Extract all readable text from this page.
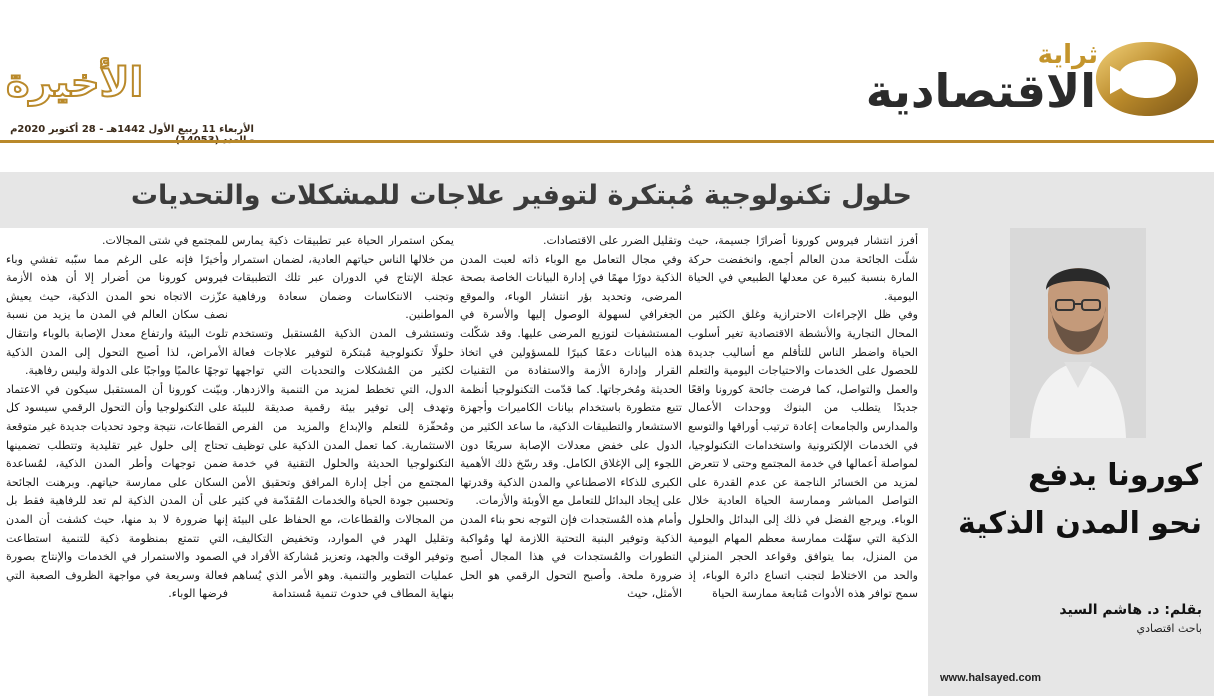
ثراية
الاقتصادية
الأخيرة
الأربعاء 11 ربيع الأول 1442هـ - 28 أكتوبر 2020م
حلول تكنولوجية مُبتكرة لتوفير علاجات للمشكلات والتحديات
كورونا يدفع
نحو المدن الذكية
بقلم: د. هاشم السيد
باحث اقتصادي
www.halsayed.com

أفرز انتشار فيروس كورونا أضرارًا جسيمة، حيث شلّت الجائحة مدن العالم أجمع، وانخفضت حركة المارة بنسبة كبيرة عن معدلها الطبيعي في الحياة اليومية.

وفي ظل الإجراءات الاحترازية وغلق الكثير من المحال التجارية والأنشطة الاقتصادية تغير أسلوب الحياة واضطر الناس للتأقلم مع أساليب جديدة للحصول على الخدمات والاحتياجات اليومية والتعلم والعمل والتواصل، كما فرضت جائحة كورونا واقعًا جديدًا يتطلب من البنوك ووحدات الأعمال والمدارس والجامعات إعادة ترتيب أوراقها والتوسع في الخدمات الإلكترونية واستخدامات التكنولوجيا، لمواصلة أعمالها في خدمة المجتمع وحتى لا تتعرض لمزيد من الخسائر الناجمة عن عدم القدرة على التواصل المباشر وممارسة الحياة العادية خلال الوباء. ويرجع الفضل في ذلك إلى البدائل والحلول الذكية التي سهّلت ممارسة معظم المهام اليومية من المنزل، بما يتوافق وقواعد الحجر المنزلي والحد من الاختلاط لتجنب اتساع دائرة الوباء، إذ سمح توافر هذه الأدوات مُتابعة ممارسة الحياة

وتقليل الضرر على الاقتصادات.

وفي مجال التعامل مع الوباء ذاته لعبت المدن الذكية دورًا مهمًا في إدارة البيانات الخاصة بصحة المرضى، وتحديد بؤر انتشار الوباء، والموقع الجغرافي لسهولة الوصول إليها والأسرة في المستشفيات لتوزيع المرضى عليها. وقد شكّلت هذه البيانات دعمًا كبيرًا للمسؤولين في اتخاذ القرار وإدارة الأزمة والاستفادة من التقنيات الحديثة ومُخرجاتها. كما قدّمت التكنولوجيا أنظمة تتبع متطورة باستخدام بيانات الكاميرات وأجهزة الاستشعار والتطبيقات الذكية، ما ساعد الكثير من الدول على خفض معدلات الإصابة سريعًا دون اللجوء إلى الإغلاق الكامل. وقد رسّخ ذلك الأهمية الكبرى للذكاء الاصطناعي والمدن الذكية وقدرتها على إيجاد البدائل للتعامل مع الأوبئة والأزمات.

وأمام هذه المُستجدات فإن التوجه نحو بناء المدن الذكية وتوفير البنية التحتية اللازمة لها ومُواكبة التطورات والمُستجدات في هذا المجال أصبح ضرورة ملحة. وأصبح التحول الرقمي هو الحل الأمثل، حيث

يمكن استمرار الحياة عبر تطبيقات ذكية يمارس من خلالها الناس حياتهم العادية، لضمان استمرار عجلة الإنتاج في الدوران عبر تلك التطبيقات وتجنب الانتكاسات وضمان سعادة ورفاهية المواطنين.

وتستشرف المدن الذكية المُستقبل وتستخدم حلولًا تكنولوجية مُبتكرة لتوفير علاجات فعالة لكثير من المُشكلات والتحديات التي تواجهها الدول، التي تخطط لمزيد من التنمية والازدهار. وتهدف إلى توفير بيئة رقمية صديقة للبيئة ومُحفّزة للتعلم والإبداع والمزيد من الفرص الاستثمارية. كما تعمل المدن الذكية على توظيف التكنولوجيا الحديثة والحلول التقنية في خدمة المجتمع من أجل إدارة المرافق وتحقيق الأمن وتحسين جودة الحياة والخدمات المُقدّمة في كثير من المجالات والقطاعات، مع الحفاظ على البيئة وتقليل الهدر في الموارد، وتخفيض التكاليف، وتوفير الوقت والجهد، وتعزيز مُشاركة الأفراد في عمليات التطوير والتنمية. وهو الأمر الذي يُساهم بنهاية المطاف في حدوث تنمية مُستدامة

للمجتمع في شتى المجالات.

وأخيرًا فإنه على الرغم مما سبّبه تفشي وباء فيروس كورونا من أضرار إلا أن هذه الأزمة عزّزت الاتجاه نحو المدن الذكية، حيث يعيش نصف سكان العالم في المدن ما يزيد من نسبة تلوث البيئة وارتفاع معدل الإصابة بالوباء وانتقال الأمراض، لذا أصبح التحول إلى المدن الذكية توجهًا عالميًا وواجبًا على الدولة وليس رفاهية.

وبيّنت كورونا أن المستقبل سيكون في الاعتماد على التكنولوجيا وأن التحول الرقمي سيسود كل القطاعات، نتيجة وجود تحديات جديدة غير متوقعة تحتاج إلى حلول غير تقليدية وتتطلب تضمينها ضمن توجهات وأطر المدن الذكية، لمُساعدة السكان على ممارسة حياتهم. وبرهنت الجائحة على أن المدن الذكية لم تعد للرفاهية فقط بل إنها ضرورة لا بد منها، حيث كشفت أن المدن التي تتمتع بمنظومة ذكية للتنمية استطاعت الصمود والاستمرار في الخدمات والإنتاج بصورة فعالة وسريعة في مواجهة الظروف الصعبة التي فرضها الوباء.
